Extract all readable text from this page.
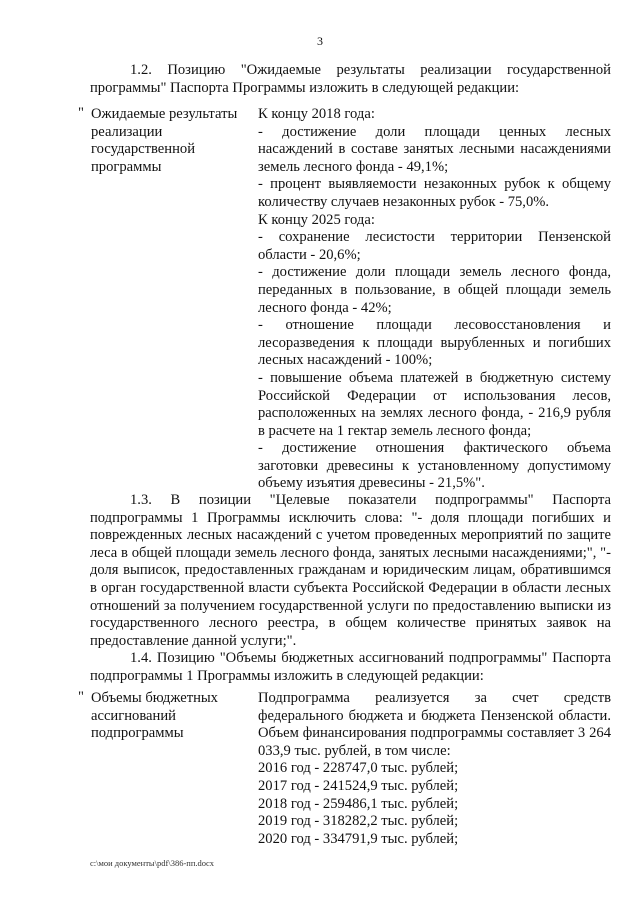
3

1.2. Позицию "Ожидаемые результаты реализации государственной программы" Паспорта Программы изложить в следующей редакции:

" Ожидаемые результаты реализации государственной программы
К концу 2018 года:
- достижение доли площади ценных лесных насаждений в составе занятых лесными насаждениями земель лесного фонда - 49,1%;
- процент выявляемости незаконных рубок к общему количеству случаев незаконных рубок - 75,0%.
К концу 2025 года:
- сохранение лесистости территории Пензенской области - 20,6%;
- достижение доли площади земель лесного фонда, переданных в пользование, в общей площади земель лесного фонда - 42%;
- отношение площади лесовосстановления и лесоразведения к площади вырубленных и погибших лесных насаждений - 100%;
- повышение объема платежей в бюджетную систему Российской Федерации от использования лесов, расположенных на землях лесного фонда, - 216,9 рубля в расчете на 1 гектар земель лесного фонда;
- достижение отношения фактического объема заготовки древесины к установленному допустимому объему изъятия древесины - 21,5%".

1.3. В позиции "Целевые показатели подпрограммы" Паспорта подпрограммы 1 Программы исключить слова: "- доля площади погибших и поврежденных лесных насаждений с учетом проведенных мероприятий по защите леса в общей площади земель лесного фонда, занятых лесными насаждениями;", "- доля выписок, предоставленных гражданам и юридическим лицам, обратившимся в орган государственной власти субъекта Российской Федерации в области лесных отношений за получением государственной услуги по предоставлению выписки из государственного лесного реестра, в общем количестве принятых заявок на предоставление данной услуги;".

1.4. Позицию "Объемы бюджетных ассигнований подпрограммы" Паспорта подпрограммы 1 Программы изложить в следующей редакции:

" Объемы бюджетных ассигнований подпрограммы
Подпрограмма реализуется за счет средств федерального бюджета и бюджета Пензенской области. Объем финансирования подпрограммы составляет 3 264 033,9 тыс. рублей, в том числе:
2016 год - 228747,0 тыс. рублей;
2017 год - 241524,9 тыс. рублей;
2018 год - 259486,1 тыс. рублей;
2019 год - 318282,2 тыс. рублей;
2020 год - 334791,9 тыс. рублей;
c:\мои документы\pdf\386-пп.docx
